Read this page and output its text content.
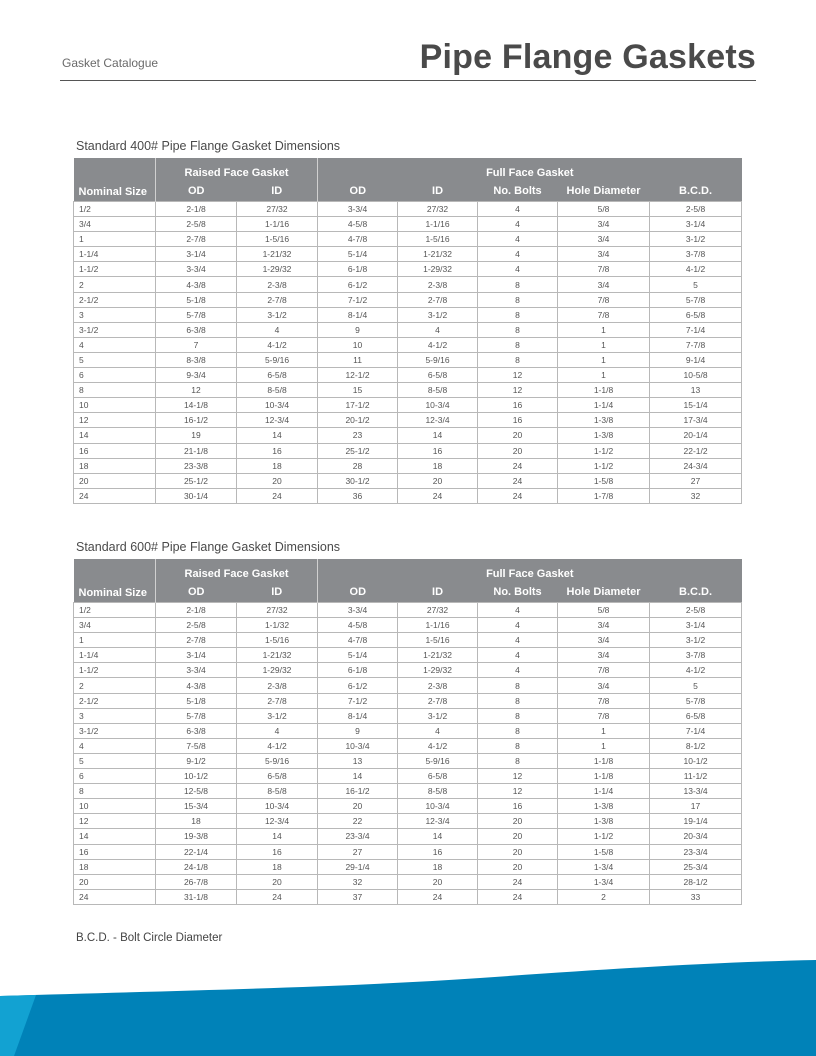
Gasket Catalogue	Pipe Flange Gaskets
Standard 400# Pipe Flange Gasket Dimensions
Nominal Size	Raised Face Gasket		Full Face Gasket				
	OD	ID	OD	ID	No. Bolts	Hole Diameter	B.C.D.
1/2	2-1/8	27/32	3-3/4	27/32	4	5/8	2-5/8
3/4	2-5/8	1-1/16	4-5/8	1-1/16	4	3/4	3-1/4
1	2-7/8	1-5/16	4-7/8	1-5/16	4	3/4	3-1/2
1-1/4	3-1/4	1-21/32	5-1/4	1-21/32	4	3/4	3-7/8
1-1/2	3-3/4	1-29/32	6-1/8	1-29/32	4	7/8	4-1/2
2	4-3/8	2-3/8	6-1/2	2-3/8	8	3/4	5
2-1/2	5-1/8	2-7/8	7-1/2	2-7/8	8	7/8	5-7/8
3	5-7/8	3-1/2	8-1/4	3-1/2	8	7/8	6-5/8
3-1/2	6-3/8	4	9	4	8	1	7-1/4
4	7	4-1/2	10	4-1/2	8	1	7-7/8
5	8-3/8	5-9/16	11	5-9/16	8	1	9-1/4
6	9-3/4	6-5/8	12-1/2	6-5/8	12	1	10-5/8
8	12	8-5/8	15	8-5/8	12	1-1/8	13
10	14-1/8	10-3/4	17-1/2	10-3/4	16	1-1/4	15-1/4
12	16-1/2	12-3/4	20-1/2	12-3/4	16	1-3/8	17-3/4
14	19	14	23	14	20	1-3/8	20-1/4
16	21-1/8	16	25-1/2	16	20	1-1/2	22-1/2
18	23-3/8	18	28	18	24	1-1/2	24-3/4
20	25-1/2	20	30-1/2	20	24	1-5/8	27
24	30-1/4	24	36	24	24	1-7/8	32
Standard 600# Pipe Flange Gasket Dimensions
Nominal Size	Raised Face Gasket		Full Face Gasket				
	OD	ID	OD	ID	No. Bolts	Hole Diameter	B.C.D.
1/2	2-1/8	27/32	3-3/4	27/32	4	5/8	2-5/8
3/4	2-5/8	1-1/32	4-5/8	1-1/16	4	3/4	3-1/4
1	2-7/8	1-5/16	4-7/8	1-5/16	4	3/4	3-1/2
1-1/4	3-1/4	1-21/32	5-1/4	1-21/32	4	3/4	3-7/8
1-1/2	3-3/4	1-29/32	6-1/8	1-29/32	4	7/8	4-1/2
2	4-3/8	2-3/8	6-1/2	2-3/8	8	3/4	5
2-1/2	5-1/8	2-7/8	7-1/2	2-7/8	8	7/8	5-7/8
3	5-7/8	3-1/2	8-1/4	3-1/2	8	7/8	6-5/8
3-1/2	6-3/8	4	9	4	8	1	7-1/4
4	7-5/8	4-1/2	10-3/4	4-1/2	8	1	8-1/2
5	9-1/2	5-9/16	13	5-9/16	8	1-1/8	10-1/2
6	10-1/2	6-5/8	14	6-5/8	12	1-1/8	11-1/2
8	12-5/8	8-5/8	16-1/2	8-5/8	12	1-1/4	13-3/4
10	15-3/4	10-3/4	20	10-3/4	16	1-3/8	17
12	18	12-3/4	22	12-3/4	20	1-3/8	19-1/4
14	19-3/8	14	23-3/4	14	20	1-1/2	20-3/4
16	22-1/4	16	27	16	20	1-5/8	23-3/4
18	24-1/8	18	29-1/4	18	20	1-3/4	25-3/4
20	26-7/8	20	32	20	24	1-3/4	28-1/2
24	31-1/8	24	37	24	24	2	33
B.C.D. - Bolt Circle Diameter
